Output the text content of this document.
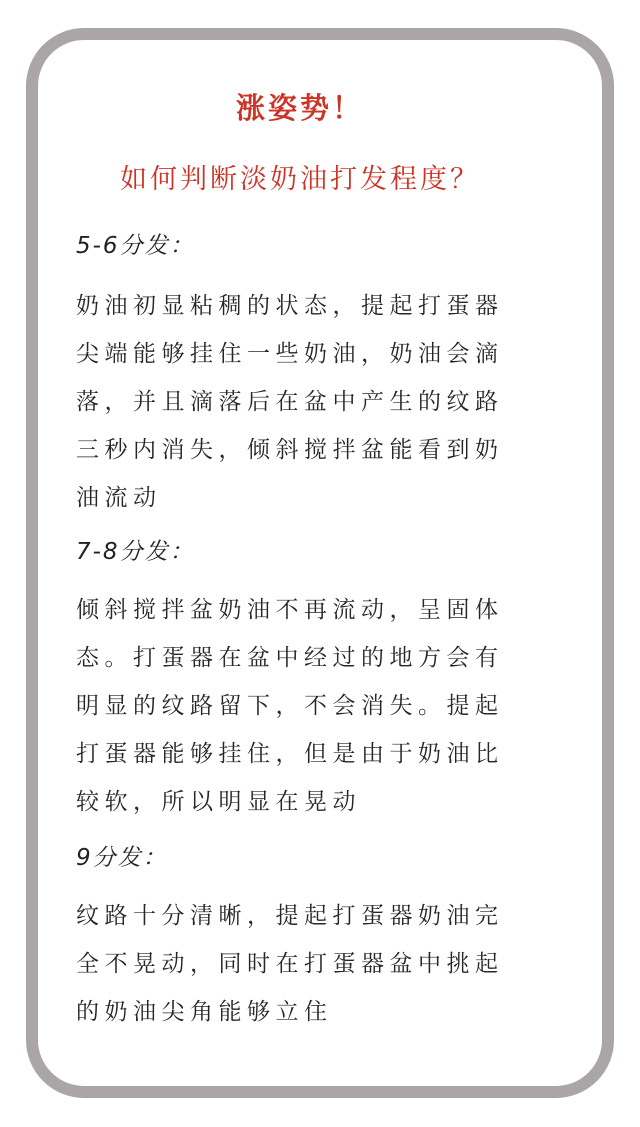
涨姿势！
如何判断淡奶油打发程度？
5-6分发：
奶油初显粘稠的状态，提起打蛋器
尖端能够挂住一些奶油，奶油会滴
落，并且滴落后在盆中产生的纹路
三秒内消失，倾斜搅拌盆能看到奶
油流动
7-8分发：
倾斜搅拌盆奶油不再流动，呈固体
态。打蛋器在盆中经过的地方会有
明显的纹路留下，不会消失。提起
打蛋器能够挂住，但是由于奶油比
较软，所以明显在晃动
9分发：
纹路十分清晰，提起打蛋器奶油完
全不晃动，同时在打蛋器盆中挑起
的奶油尖角能够立住
